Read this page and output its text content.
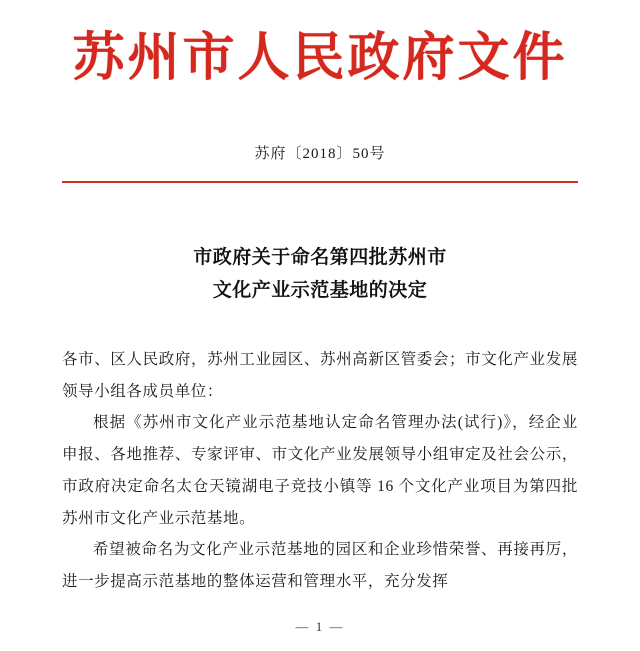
苏州市人民政府文件
苏府〔2018〕50号
市政府关于命名第四批苏州市
文化产业示范基地的决定

各市、区人民政府，苏州工业园区、苏州高新区管委会；市文化产业发展领导小组各成员单位：

根据《苏州市文化产业示范基地认定命名管理办法(试行)》，经企业申报、各地推荐、专家评审、市文化产业发展领导小组审定及社会公示，市政府决定命名太仓天镜湖电子竞技小镇等 16 个文化产业项目为第四批苏州市文化产业示范基地。

希望被命名为文化产业示范基地的园区和企业珍惜荣誉、再接再厉，进一步提高示范基地的整体运营和管理水平，充分发挥

— 1 —
